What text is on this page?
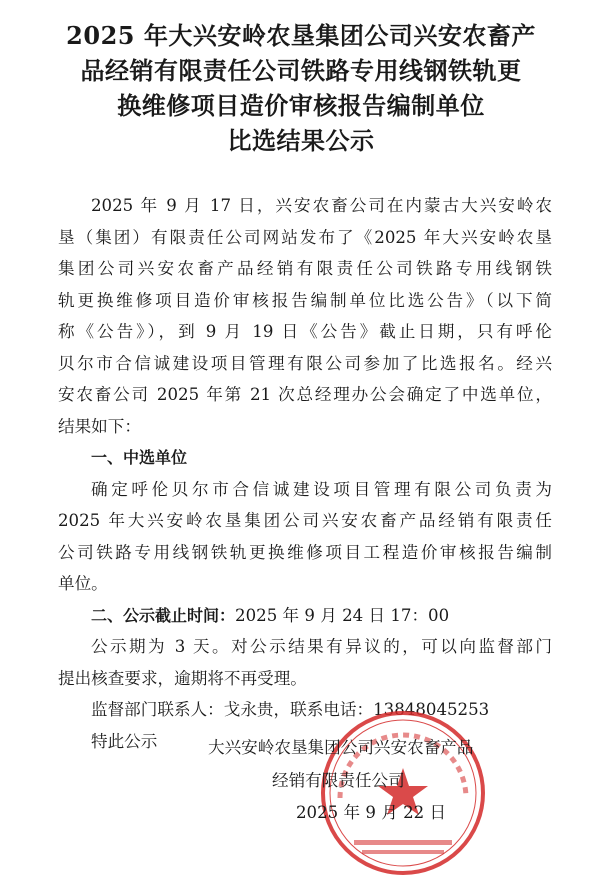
2025 年大兴安岭农垦集团公司兴安农畜产
品经销有限责任公司铁路专用线钢铁轨更
换维修项目造价审核报告编制单位
比选结果公示
2025 年 9 月 17 日，兴安农畜公司在内蒙古大兴安岭农
垦（集团）有限责任公司网站发布了《2025 年大兴安岭农垦
集团公司兴安农畜产品经销有限责任公司铁路专用线钢铁
轨更换维修项目造价审核报告编制单位比选公告》（以下简
称《公告》），到 9 月 19 日《公告》截止日期，只有呼伦
贝尔市合信诚建设项目管理有限公司参加了比选报名。经兴
安农畜公司 2025 年第 21 次总经理办公会确定了中选单位，
结果如下：
一、中选单位
确定呼伦贝尔市合信诚建设项目管理有限公司负责为
2025 年大兴安岭农垦集团公司兴安农畜产品经销有限责任
公司铁路专用线钢铁轨更换维修项目工程造价审核报告编制
单位。
二、公示截止时间：2025 年 9 月 24 日 17：00
公示期为 3 天。对公示结果有异议的，可以向监督部门
提出核查要求，逾期将不再受理。
监督部门联系人：戈永贵，联系电话：13848045253
特此公示	大兴安岭农垦集团公司兴安农畜产品
经销有限责任公司
2025 年 9 月 22 日
